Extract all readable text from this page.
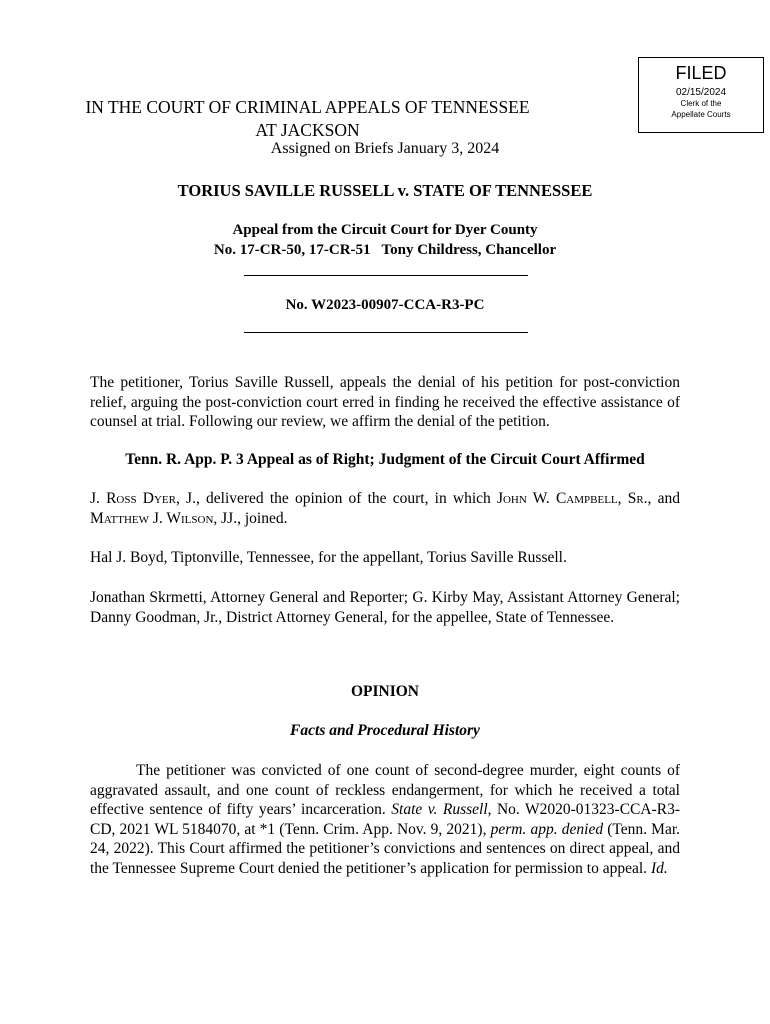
FILED
02/15/2024
Clerk of the
Appellate Courts
IN THE COURT OF CRIMINAL APPEALS OF TENNESSEE
AT JACKSON
Assigned on Briefs January 3, 2024
TORIUS SAVILLE RUSSELL v. STATE OF TENNESSEE
Appeal from the Circuit Court for Dyer County
No. 17-CR-50, 17-CR-51   Tony Childress, Chancellor
No. W2023-00907-CCA-R3-PC
The petitioner, Torius Saville Russell, appeals the denial of his petition for post-conviction relief, arguing the post-conviction court erred in finding he received the effective assistance of counsel at trial. Following our review, we affirm the denial of the petition.
Tenn. R. App. P. 3 Appeal as of Right; Judgment of the Circuit Court Affirmed
J. Ross Dyer, J., delivered the opinion of the court, in which John W. Campbell, Sr., and Matthew J. Wilson, JJ., joined.
Hal J. Boyd, Tiptonville, Tennessee, for the appellant, Torius Saville Russell.
Jonathan Skrmetti, Attorney General and Reporter; G. Kirby May, Assistant Attorney General; Danny Goodman, Jr., District Attorney General, for the appellee, State of Tennessee.
OPINION
Facts and Procedural History
The petitioner was convicted of one count of second-degree murder, eight counts of aggravated assault, and one count of reckless endangerment, for which he received a total effective sentence of fifty years’ incarceration. State v. Russell, No. W2020-01323-CCA-R3-CD, 2021 WL 5184070, at *1 (Tenn. Crim. App. Nov. 9, 2021), perm. app. denied (Tenn. Mar. 24, 2022). This Court affirmed the petitioner’s convictions and sentences on direct appeal, and the Tennessee Supreme Court denied the petitioner’s application for permission to appeal. Id.
